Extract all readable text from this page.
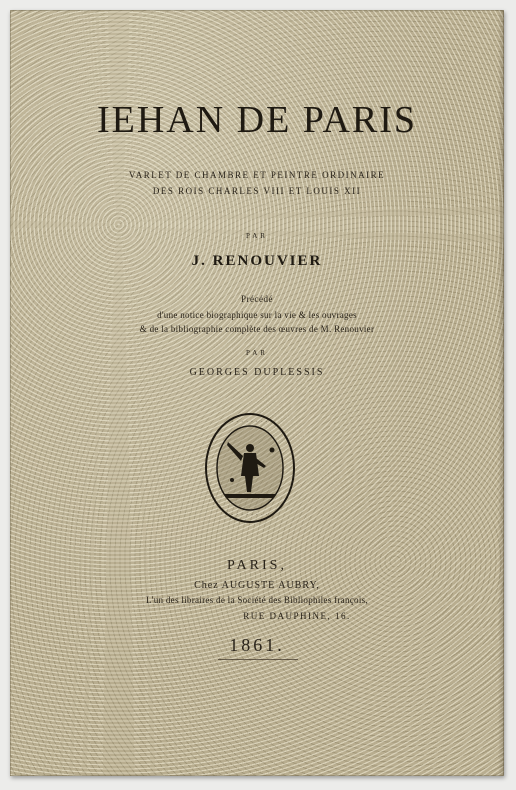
IEHAN DE PARIS
VARLET DE CHAMBRE ET PEINTRE ORDINAIRE
DES ROIS CHARLES VIII ET LOUIS XII
PAR
J. RENOUVIER
Précédé
d'une notice biographique sur la vie & les ouvrages
& de la bibliographie complète des œuvres de M. Renouvier
PAR
GEORGES DUPLESSIS
· · · · · · · ·
· · · · · · · ·
PARIS,
Chez AUGUSTE AUBRY,
L'un des libraires de la Société des Bibliophiles françois,
RUE DAUPHINE, 16.
1861.
